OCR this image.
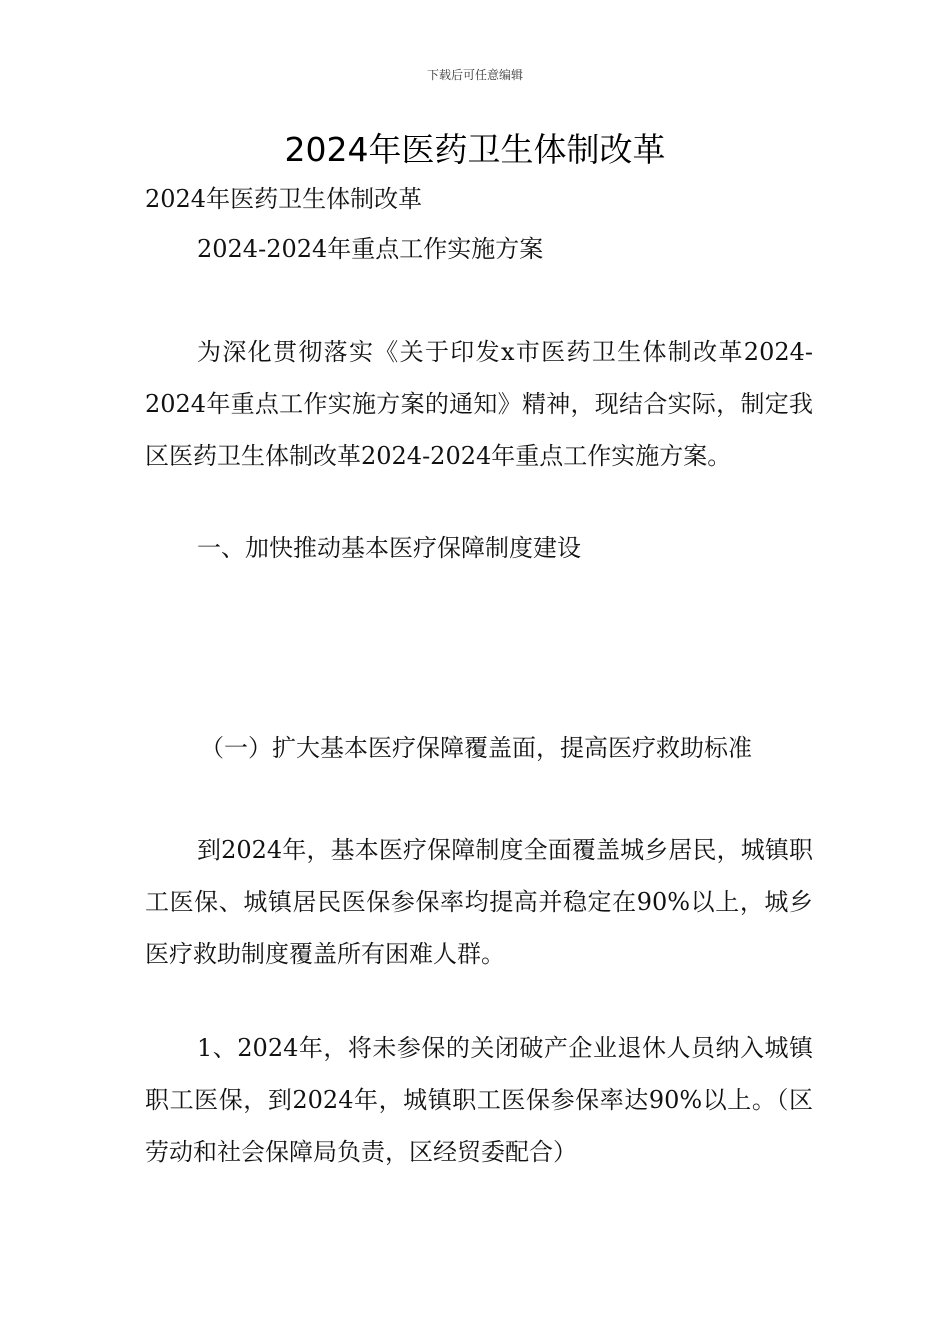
下载后可任意编辑
2024年医药卫生体制改革

2024年医药卫生体制改革

2024-2024年重点工作实施方案

为深化贯彻落实《关于印发x市医药卫生体制改革2024-2024年重点工作实施方案的通知》精神，现结合实际，制定我区医药卫生体制改革2024-2024年重点工作实施方案。

一、加快推动基本医疗保障制度建设

（一）扩大基本医疗保障覆盖面，提高医疗救助标准

到2024年，基本医疗保障制度全面覆盖城乡居民，城镇职工医保、城镇居民医保参保率均提高并稳定在90%以上，城乡医疗救助制度覆盖所有困难人群。

1、2024年，将未参保的关闭破产企业退休人员纳入城镇职工医保，到2024年，城镇职工医保参保率达90%以上。（区劳动和社会保障局负责，区经贸委配合）
